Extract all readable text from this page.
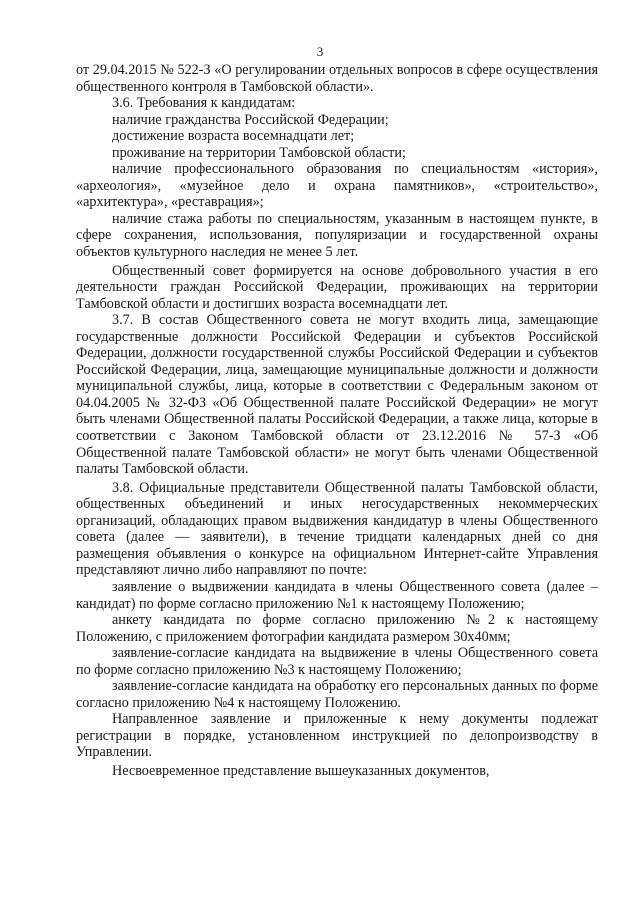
3

от 29.04.2015 № 522-З «О регулировании отдельных вопросов в сфере осуществления общественного контроля в Тамбовской области».

3.6. Требования к кандидатам:

наличие гражданства Российской Федерации;

достижение возраста восемнадцати лет;

проживание на территории Тамбовской области;

наличие профессионального образования по специальностям «история», «археология», «музейное дело и охрана памятников», «строительство», «архитектура», «реставрация»;

наличие стажа работы по специальностям, указанным в настоящем пункте, в сфере сохранения, использования, популяризации и государственной охраны объектов культурного наследия не менее 5 лет.

Общественный совет формируется на основе добровольного участия в его деятельности граждан Российской Федерации, проживающих на территории Тамбовской области и достигших возраста восемнадцати лет.

3.7. В состав Общественного совета не могут входить лица, замещающие государственные должности Российской Федерации и субъектов Российской Федерации, должности государственной службы Российской Федерации и субъектов Российской Федерации, лица, замещающие муниципальные должности и должности муниципальной службы, лица, которые в соответствии с Федеральным законом от 04.04.2005 № 32-ФЗ «Об Общественной палате Российской Федерации» не могут быть членами Общественной палаты Российской Федерации, а также лица, которые в соответствии с Законом Тамбовской области от 23.12.2016 № 57-З «Об Общественной палате Тамбовской области» не могут быть членами Общественной палаты Тамбовской области.

3.8. Официальные представители Общественной палаты Тамбовской области, общественных объединений и иных негосударственных некоммерческих организаций, обладающих правом выдвижения кандидатур в члены Общественного совета (далее — заявители), в течение тридцати календарных дней со дня размещения объявления о конкурсе на официальном Интернет-сайте Управления представляют лично либо направляют по почте:

заявление о выдвижении кандидата в члены Общественного совета (далее – кандидат) по форме согласно приложению №1 к настоящему Положению;

анкету кандидата по форме согласно приложению №2 к настоящему Положению, с приложением фотографии кандидата размером 30х40мм;

заявление-согласие кандидата на выдвижение в члены Общественного совета по форме согласно приложению №3 к настоящему Положению;

заявление-согласие кандидата на обработку его персональных данных по форме согласно приложению №4 к настоящему Положению.

Направленное заявление и приложенные к нему документы подлежат регистрации в порядке, установленном инструкцией по делопроизводству в Управлении.

Несвоевременное представление вышеуказанных документов,
